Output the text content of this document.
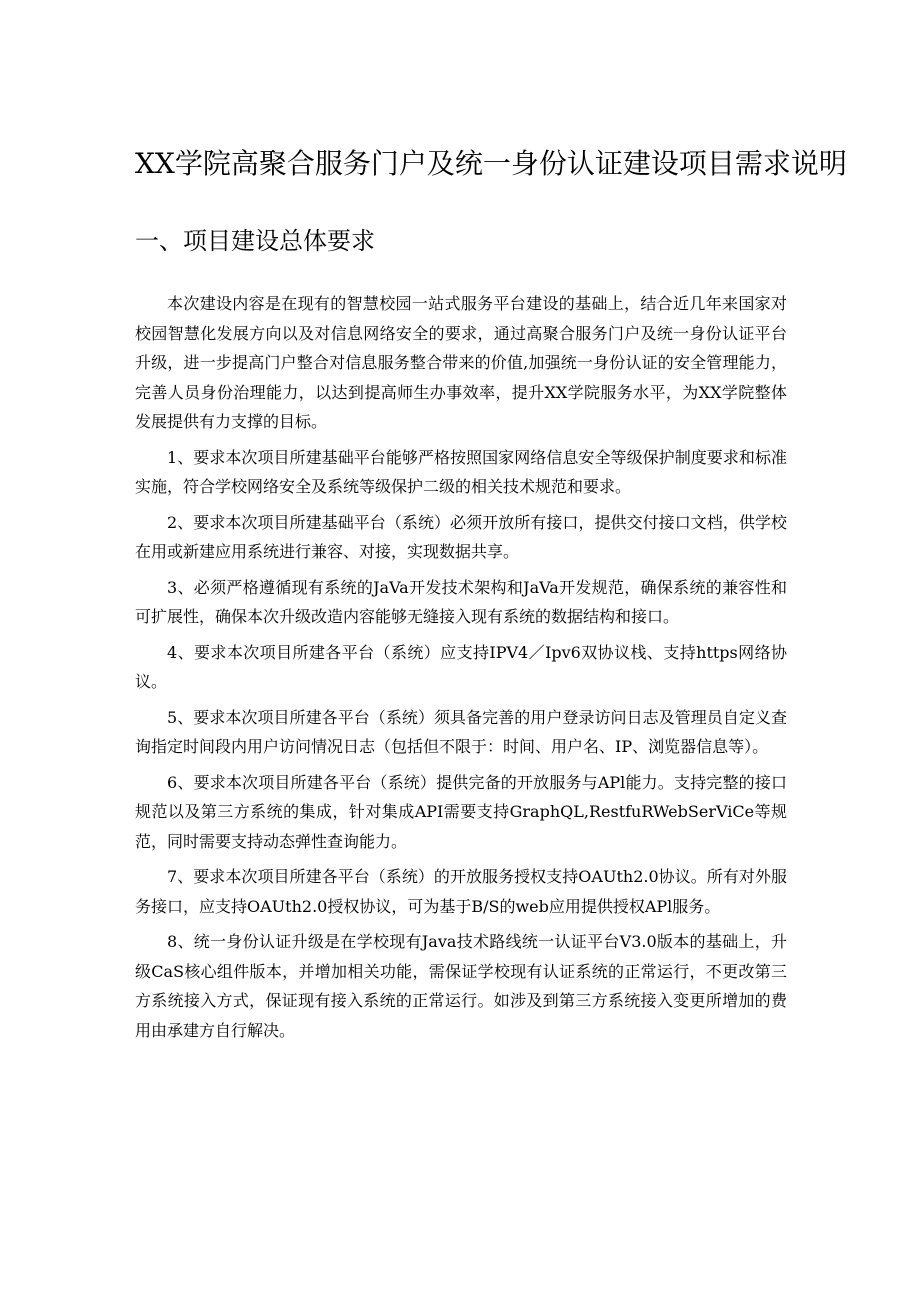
XX学院高聚合服务门户及统一身份认证建设项目需求说明
一、项目建设总体要求

本次建设内容是在现有的智慧校园一站式服务平台建设的基础上，结合近几年来国家对校园智慧化发展方向以及对信息网络安全的要求，通过高聚合服务门户及统一身份认证平台升级，进一步提高门户整合对信息服务整合带来的价值,加强统一身份认证的安全管理能力，完善人员身份治理能力，以达到提高师生办事效率，提升XX学院服务水平，为XX学院整体发展提供有力支撑的目标。

1、要求本次项目所建基础平台能够严格按照国家网络信息安全等级保护制度要求和标准实施，符合学校网络安全及系统等级保护二级的相关技术规范和要求。

2、要求本次项目所建基础平台（系统）必须开放所有接口，提供交付接口文档，供学校在用或新建应用系统进行兼容、对接，实现数据共享。

3、必须严格遵循现有系统的JaVa开发技术架构和JaVa开发规范，确保系统的兼容性和可扩展性，确保本次升级改造内容能够无缝接入现有系统的数据结构和接口。

4、要求本次项目所建各平台（系统）应支持IPV4／Ipv6双协议栈、支持https网络协议。

5、要求本次项目所建各平台（系统）须具备完善的用户登录访问日志及管理员自定义查询指定时间段内用户访问情况日志（包括但不限于：时间、用户名、IP、浏览器信息等）。

6、要求本次项目所建各平台（系统）提供完备的开放服务与APl能力。支持完整的接口规范以及第三方系统的集成，针对集成API需要支持GraphQL,RestfuRWebSerViCe等规范，同时需要支持动态弹性查询能力。

7、要求本次项目所建各平台（系统）的开放服务授权支持OAUth2.0协议。所有对外服务接口，应支持OAUth2.0授权协议，可为基于B/S的web应用提供授权APl服务。

8、统一身份认证升级是在学校现有Java技术路线统一认证平台V3.0版本的基础上，升级CaS核心组件版本，并增加相关功能，需保证学校现有认证系统的正常运行，不更改第三方系统接入方式，保证现有接入系统的正常运行。如涉及到第三方系统接入变更所增加的费用由承建方自行解决。
